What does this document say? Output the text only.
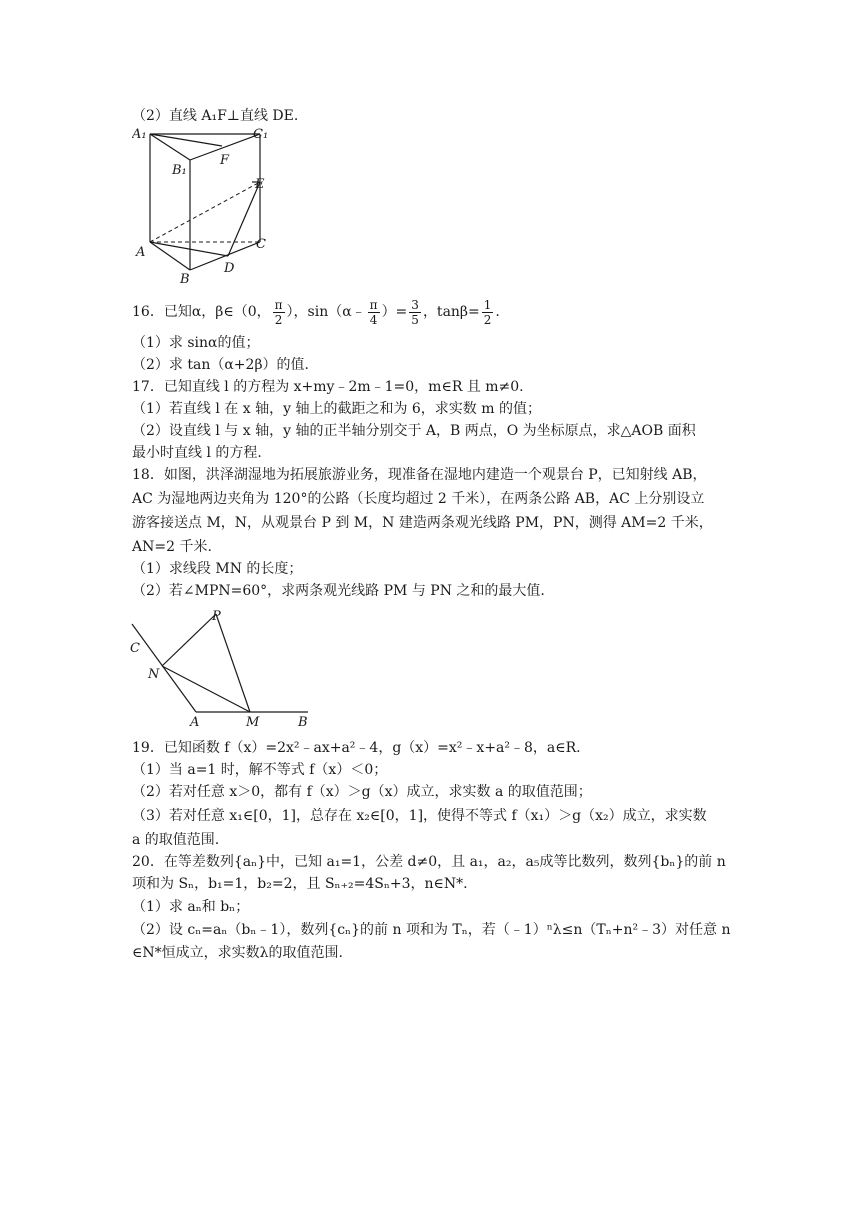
（2）直线 A₁F⊥直线 DE.
A₁	C₁
B₁
F
E
A
C
B
D
16．已知α，β∈（0， $\frac{\pi}{2}$ ），sin（α﹣ $\frac{\pi}{4}$ ）= $\frac{3}{5}$ ，$\tan\beta= \frac{1}{2}$ .
（1）求 sinα的值；
（2）求 tan（α+2β）的值.
17．已知直线 l 的方程为 x+my﹣2m﹣1=0，m∈R 且 m≠0.
（1）若直线 l 在 x 轴，y 轴上的截距之和为 6，求实数 m 的值；
（2）设直线 l 与 x 轴，y 轴的正半轴分别交于 A，B 两点，O 为坐标原点，求△AOB 面积
最小时直线 l 的方程.
18．如图，洪泽湖湿地为拓展旅游业务，现准备在湿地内建造一个观景台 P，已知射线 AB，
AC 为湿地两边夹角为 120°的公路（长度均超过 2 千米），在两条公路 AB，AC 上分别设立
游客接送点 M，N，从观景台 P 到 M，N 建造两条观光线路 PM，PN，测得 AM=2 千米，
AN=2 千米.
（1）求线段 MN 的长度；
（2）若∠MPN=60°，求两条观光线路 PM 与 PN 之和的最大值.
P
C
N
A	M	B
19．已知函数 f（x）=2x²﹣ax+a²﹣4，g（x）=x²﹣x+a²﹣8，a∈R.
（1）当 a=1 时，解不等式 f（x）＜0；
（2）若对任意 x＞0，都有 f（x）＞g（x）成立，求实数 a 的取值范围；
（3）若对任意 x₁∈[0，1]，总存在 x₂∈[0，1]，使得不等式 f（x₁）＞g（x₂）成立，求实数
a 的取值范围.
20．在等差数列{aₙ}中，已知 a₁=1，公差 d≠0，且 a₁，a₂，a₅成等比数列，数列{bₙ}的前 n
项和为 Sₙ，b₁=1，b₂=2，且 Sₙ₊₂=4Sₙ+3，n∈N*.
（1）求 aₙ和 bₙ；
（2）设 cₙ=aₙ（bₙ﹣1），数列{cₙ}的前 n 项和为 Tₙ，若（﹣1）ⁿλ≤n（Tₙ+n²﹣3）对任意 n
∈N*恒成立，求实数λ的取值范围.
